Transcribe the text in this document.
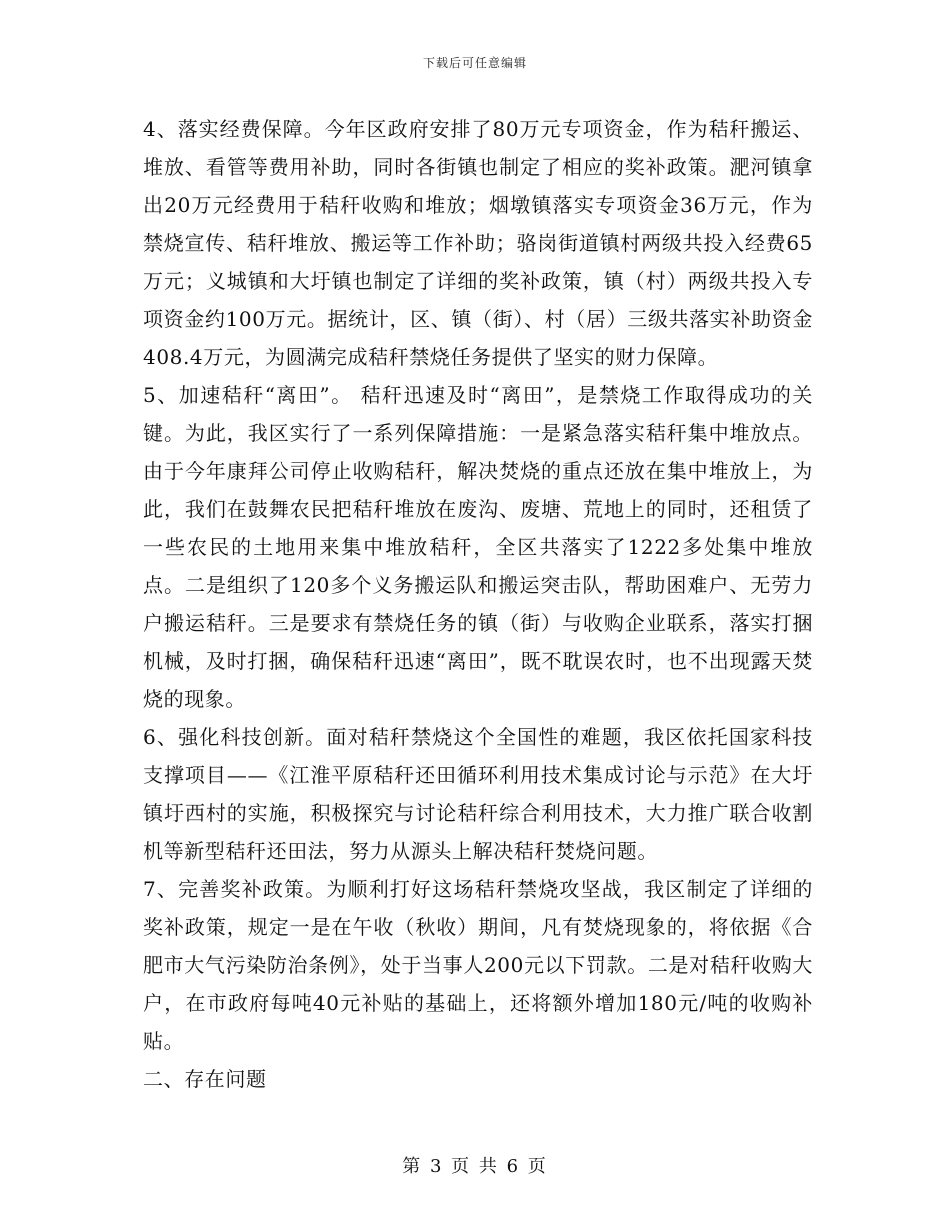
下载后可任意编辑

4、落实经费保障。今年区政府安排了80万元专项资金，作为秸秆搬运、堆放、看管等费用补助，同时各街镇也制定了相应的奖补政策。淝河镇拿出20万元经费用于秸秆收购和堆放；烟墩镇落实专项资金36万元，作为禁烧宣传、秸秆堆放、搬运等工作补助；骆岗街道镇村两级共投入经费65万元；义城镇和大圩镇也制定了详细的奖补政策，镇（村）两级共投入专项资金约100万元。据统计，区、镇（街）、村（居）三级共落实补助资金408.4万元，为圆满完成秸秆禁烧任务提供了坚实的财力保障。

5、加速秸秆“离田”。 秸秆迅速及时“离田”，是禁烧工作取得成功的关键。为此，我区实行了一系列保障措施：一是紧急落实秸秆集中堆放点。由于今年康拜公司停止收购秸秆，解决焚烧的重点还放在集中堆放上，为此，我们在鼓舞农民把秸秆堆放在废沟、废塘、荒地上的同时，还租赁了一些农民的土地用来集中堆放秸秆，全区共落实了1222多处集中堆放点。二是组织了120多个义务搬运队和搬运突击队，帮助困难户、无劳力户搬运秸秆。三是要求有禁烧任务的镇（街）与收购企业联系，落实打捆机械，及时打捆，确保秸秆迅速“离田”，既不耽误农时，也不出现露天焚烧的现象。

6、强化科技创新。面对秸秆禁烧这个全国性的难题，我区依托国家科技支撑项目——《江淮平原秸秆还田循环利用技术集成讨论与示范》在大圩镇圩西村的实施，积极探究与讨论秸秆综合利用技术，大力推广联合收割机等新型秸秆还田法，努力从源头上解决秸秆焚烧问题。

7、完善奖补政策。为顺利打好这场秸秆禁烧攻坚战，我区制定了详细的奖补政策，规定一是在午收（秋收）期间，凡有焚烧现象的，将依据《合肥市大气污染防治条例》，处于当事人200元以下罚款。二是对秸秆收购大户，在市政府每吨40元补贴的基础上，还将额外增加180元/吨的收购补贴。

二、存在问题

第 3 页 共 6 页
